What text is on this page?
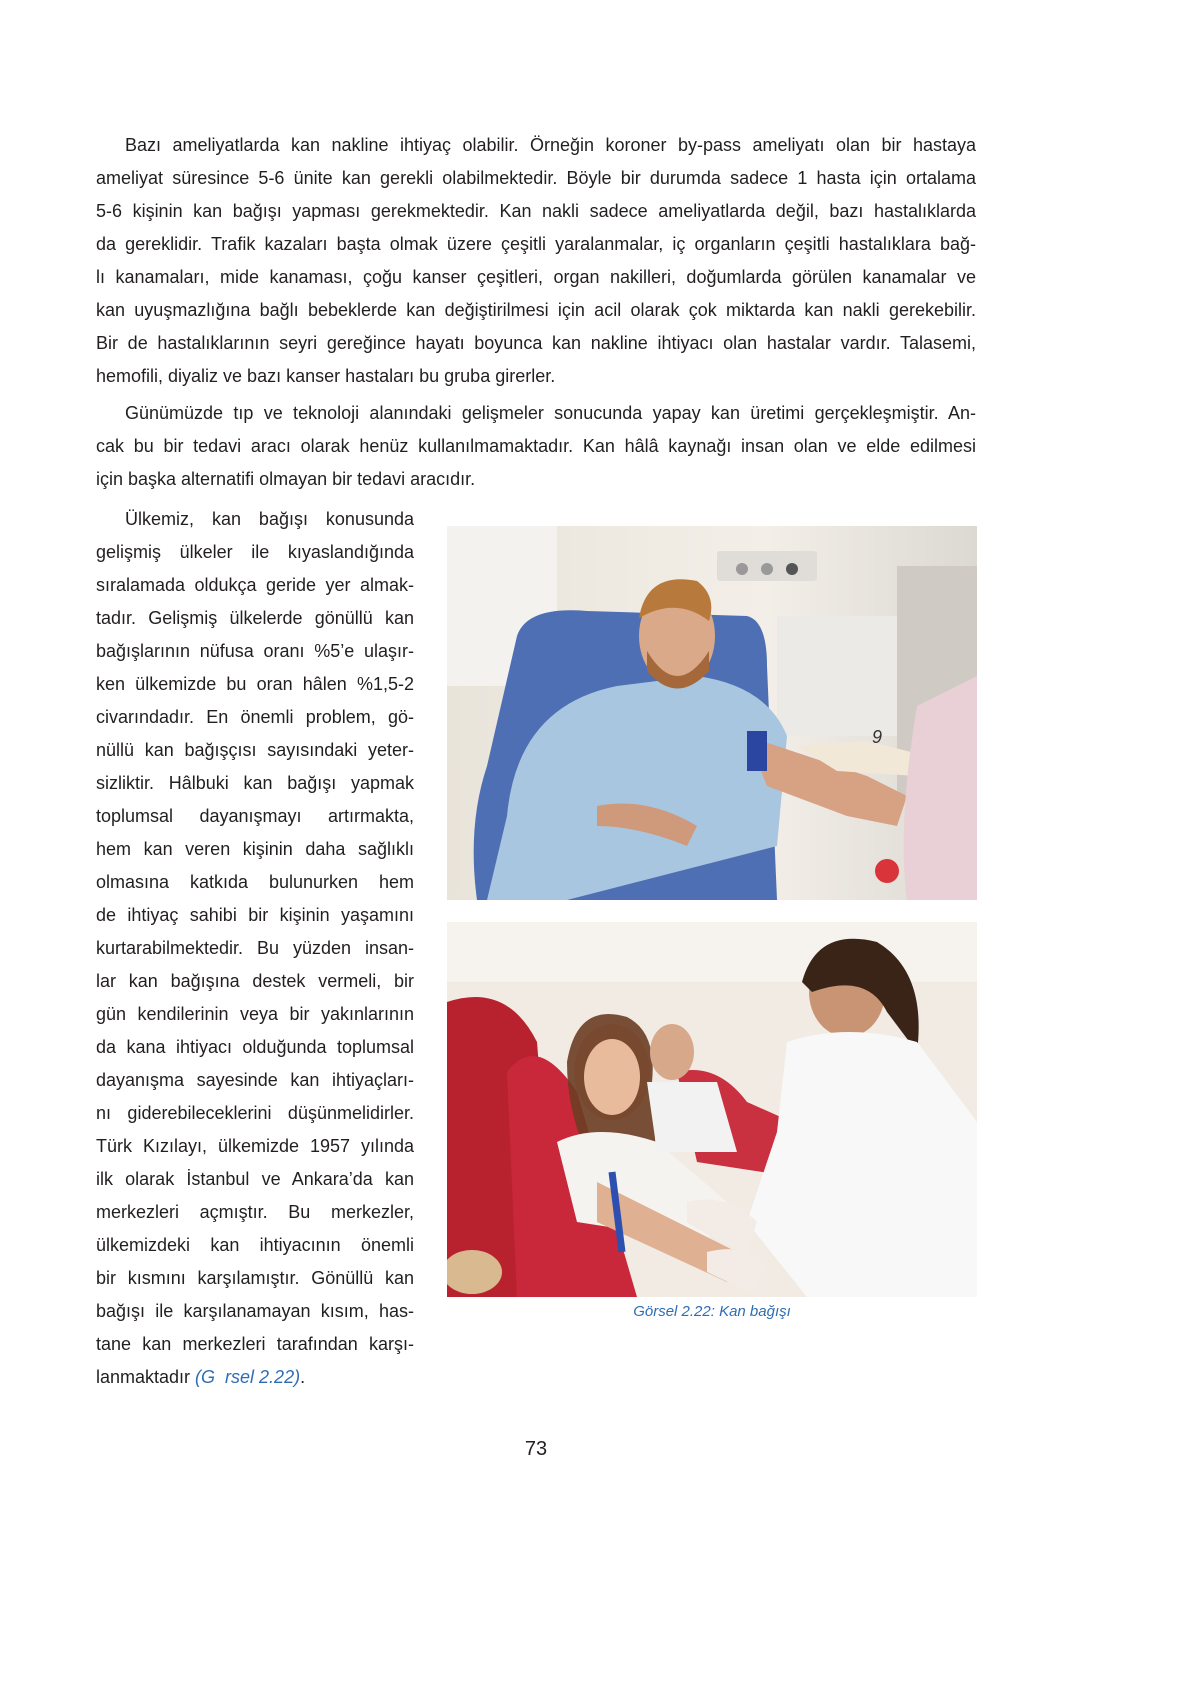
Bazı ameliyatlarda kan nakline ihtiyaç olabilir. Örneğin koroner by-pass ameliyatı olan bir hastaya
ameliyat süresince 5-6 ünite kan gerekli olabilmektedir. Böyle bir durumda sadece 1 hasta için ortalama
5-6 kişinin kan bağışı yapması gerekmektedir. Kan nakli sadece ameliyatlarda değil, bazı hastalıklarda
da gereklidir. Trafik kazaları başta olmak üzere çeşitli yaralanmalar, iç organların çeşitli hastalıklara bağ-
lı kanamaları, mide kanaması, çoğu kanser çeşitleri, organ nakilleri, doğumlarda görülen kanamalar ve
kan uyuşmazlığına bağlı bebeklerde kan değiştirilmesi için acil olarak çok miktarda kan nakli gerekebilir.
Bir de hastalıklarının seyri gereğince hayatı boyunca kan nakline ihtiyacı olan hastalar vardır. Talasemi,
hemofili, diyaliz ve bazı kanser hastaları bu gruba girerler.
Günümüzde tıp ve teknoloji alanındaki gelişmeler sonucunda yapay kan üretimi gerçekleşmiştir. An-
cak bu bir tedavi aracı olarak henüz kullanılmamaktadır. Kan hâlâ kaynağı insan olan ve elde edilmesi
için başka alternatifi olmayan bir tedavi aracıdır.
Ülkemiz, kan bağışı konusunda
gelişmiş ülkeler ile kıyaslandığında
sıralamada oldukça geride yer almak-
tadır. Gelişmiş ülkelerde gönüllü kan
bağışlarının nüfusa oranı %5’e ulaşır-
ken ülkemizde bu oran hâlen %1,5-2
civarındadır. En önemli problem, gö-
nüllü kan bağışçısı sayısındaki yeter-
sizliktir. Hâlbuki kan bağışı yapmak
toplumsal dayanışmayı artırmakta,
hem kan veren kişinin daha sağlıklı
olmasına katkıda bulunurken hem
de ihtiyaç sahibi bir kişinin yaşamını
kurtarabilmektedir. Bu yüzden insan-
lar kan bağışına destek vermeli, bir
gün kendilerinin veya bir yakınlarının
da kana ihtiyacı olduğunda toplumsal
dayanışma sayesinde kan ihtiyaçları-
nı giderebileceklerini düşünmelidirler.
Türk Kızılayı, ülkemizde 1957 yılında
ilk olarak İstanbul ve Ankara’da kan
merkezleri açmıştır. Bu merkezler,
ülkemizdeki kan ihtiyacının önemli
bir kısmını karşılamıştır. Gönüllü kan
bağışı ile karşılanamayan kısım, has-
tane kan merkezleri tarafından karşı-
lanmaktadır (G  rsel 2.22).
9
Görsel 2.22: Kan bağışı
73
